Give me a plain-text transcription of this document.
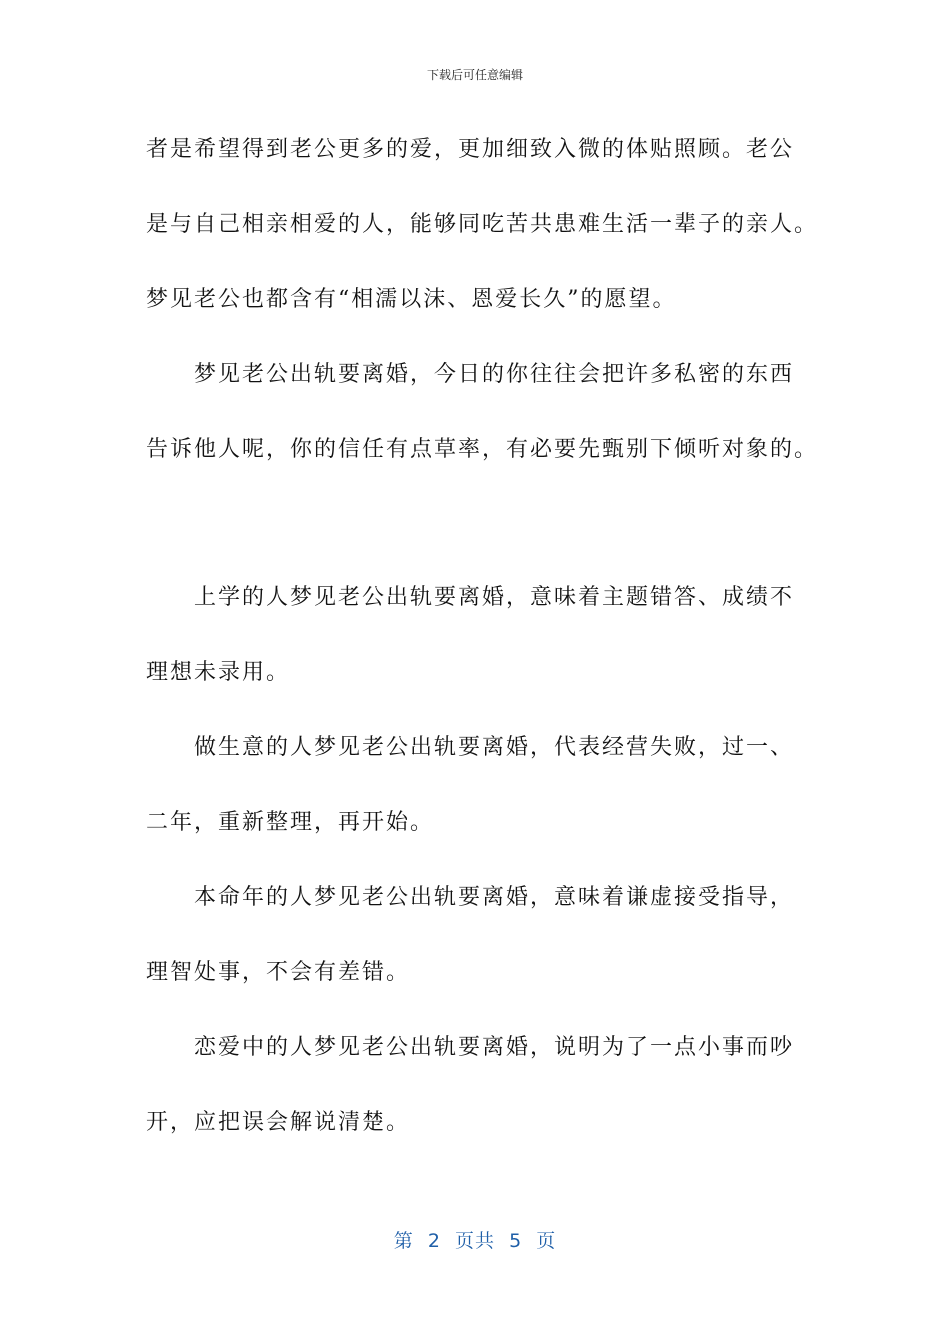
下载后可任意编辑
者是希望得到老公更多的爱，更加细致入微的体贴照顾。老公
是与自己相亲相爱的人，能够同吃苦共患难生活一辈子的亲人。
梦见老公也都含有“相濡以沫、恩爱长久”的愿望。
　　梦见老公出轨要离婚，今日的你往往会把许多私密的东西
告诉他人呢，你的信任有点草率，有必要先甄别下倾听对象的。
　　上学的人梦见老公出轨要离婚，意味着主题错答、成绩不
理想未录用。
　　做生意的人梦见老公出轨要离婚，代表经营失败，过一、
二年，重新整理，再开始。
　　本命年的人梦见老公出轨要离婚，意味着谦虚接受指导，
理智处事，不会有差错。
　　恋爱中的人梦见老公出轨要离婚，说明为了一点小事而吵
开，应把误会解说清楚。
第  2  页共  5  页
